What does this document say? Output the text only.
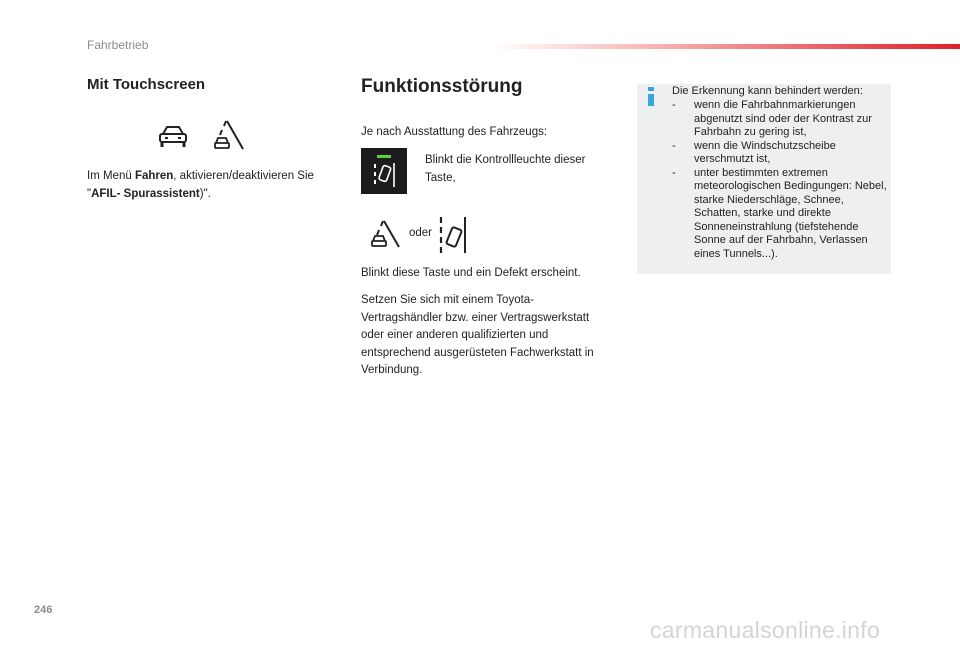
Fahrbetrieb
Mit Touchscreen
Im Menü Fahren, aktivieren/deaktivieren Sie "AFIL- Spurassistent)".
Funktionsstörung
Je nach Ausstattung des Fahrzeugs:
Blinkt die Kontrollleuchte dieser Taste,
oder
Blinkt diese Taste und ein Defekt erscheint.
Setzen Sie sich mit einem Toyota-Vertragshändler bzw. einer Vertragswerkstatt oder einer anderen qualifizierten und entsprechend ausgerüsteten Fachwerkstatt in Verbindung.
Die Erkennung kann behindert werden:
- wenn die Fahrbahnmarkierungen abgenutzt sind oder der Kontrast zur Fahrbahn zu gering ist,
- wenn die Windschutzscheibe verschmutzt ist,
- unter bestimmten extremen meteorologischen Bedingungen: Nebel, starke Niederschläge, Schnee, Schatten, starke und direkte Sonneneinstrahlung (tiefstehende Sonne auf der Fahrbahn, Verlassen eines Tunnels...).
246
carmanualsonline.info
